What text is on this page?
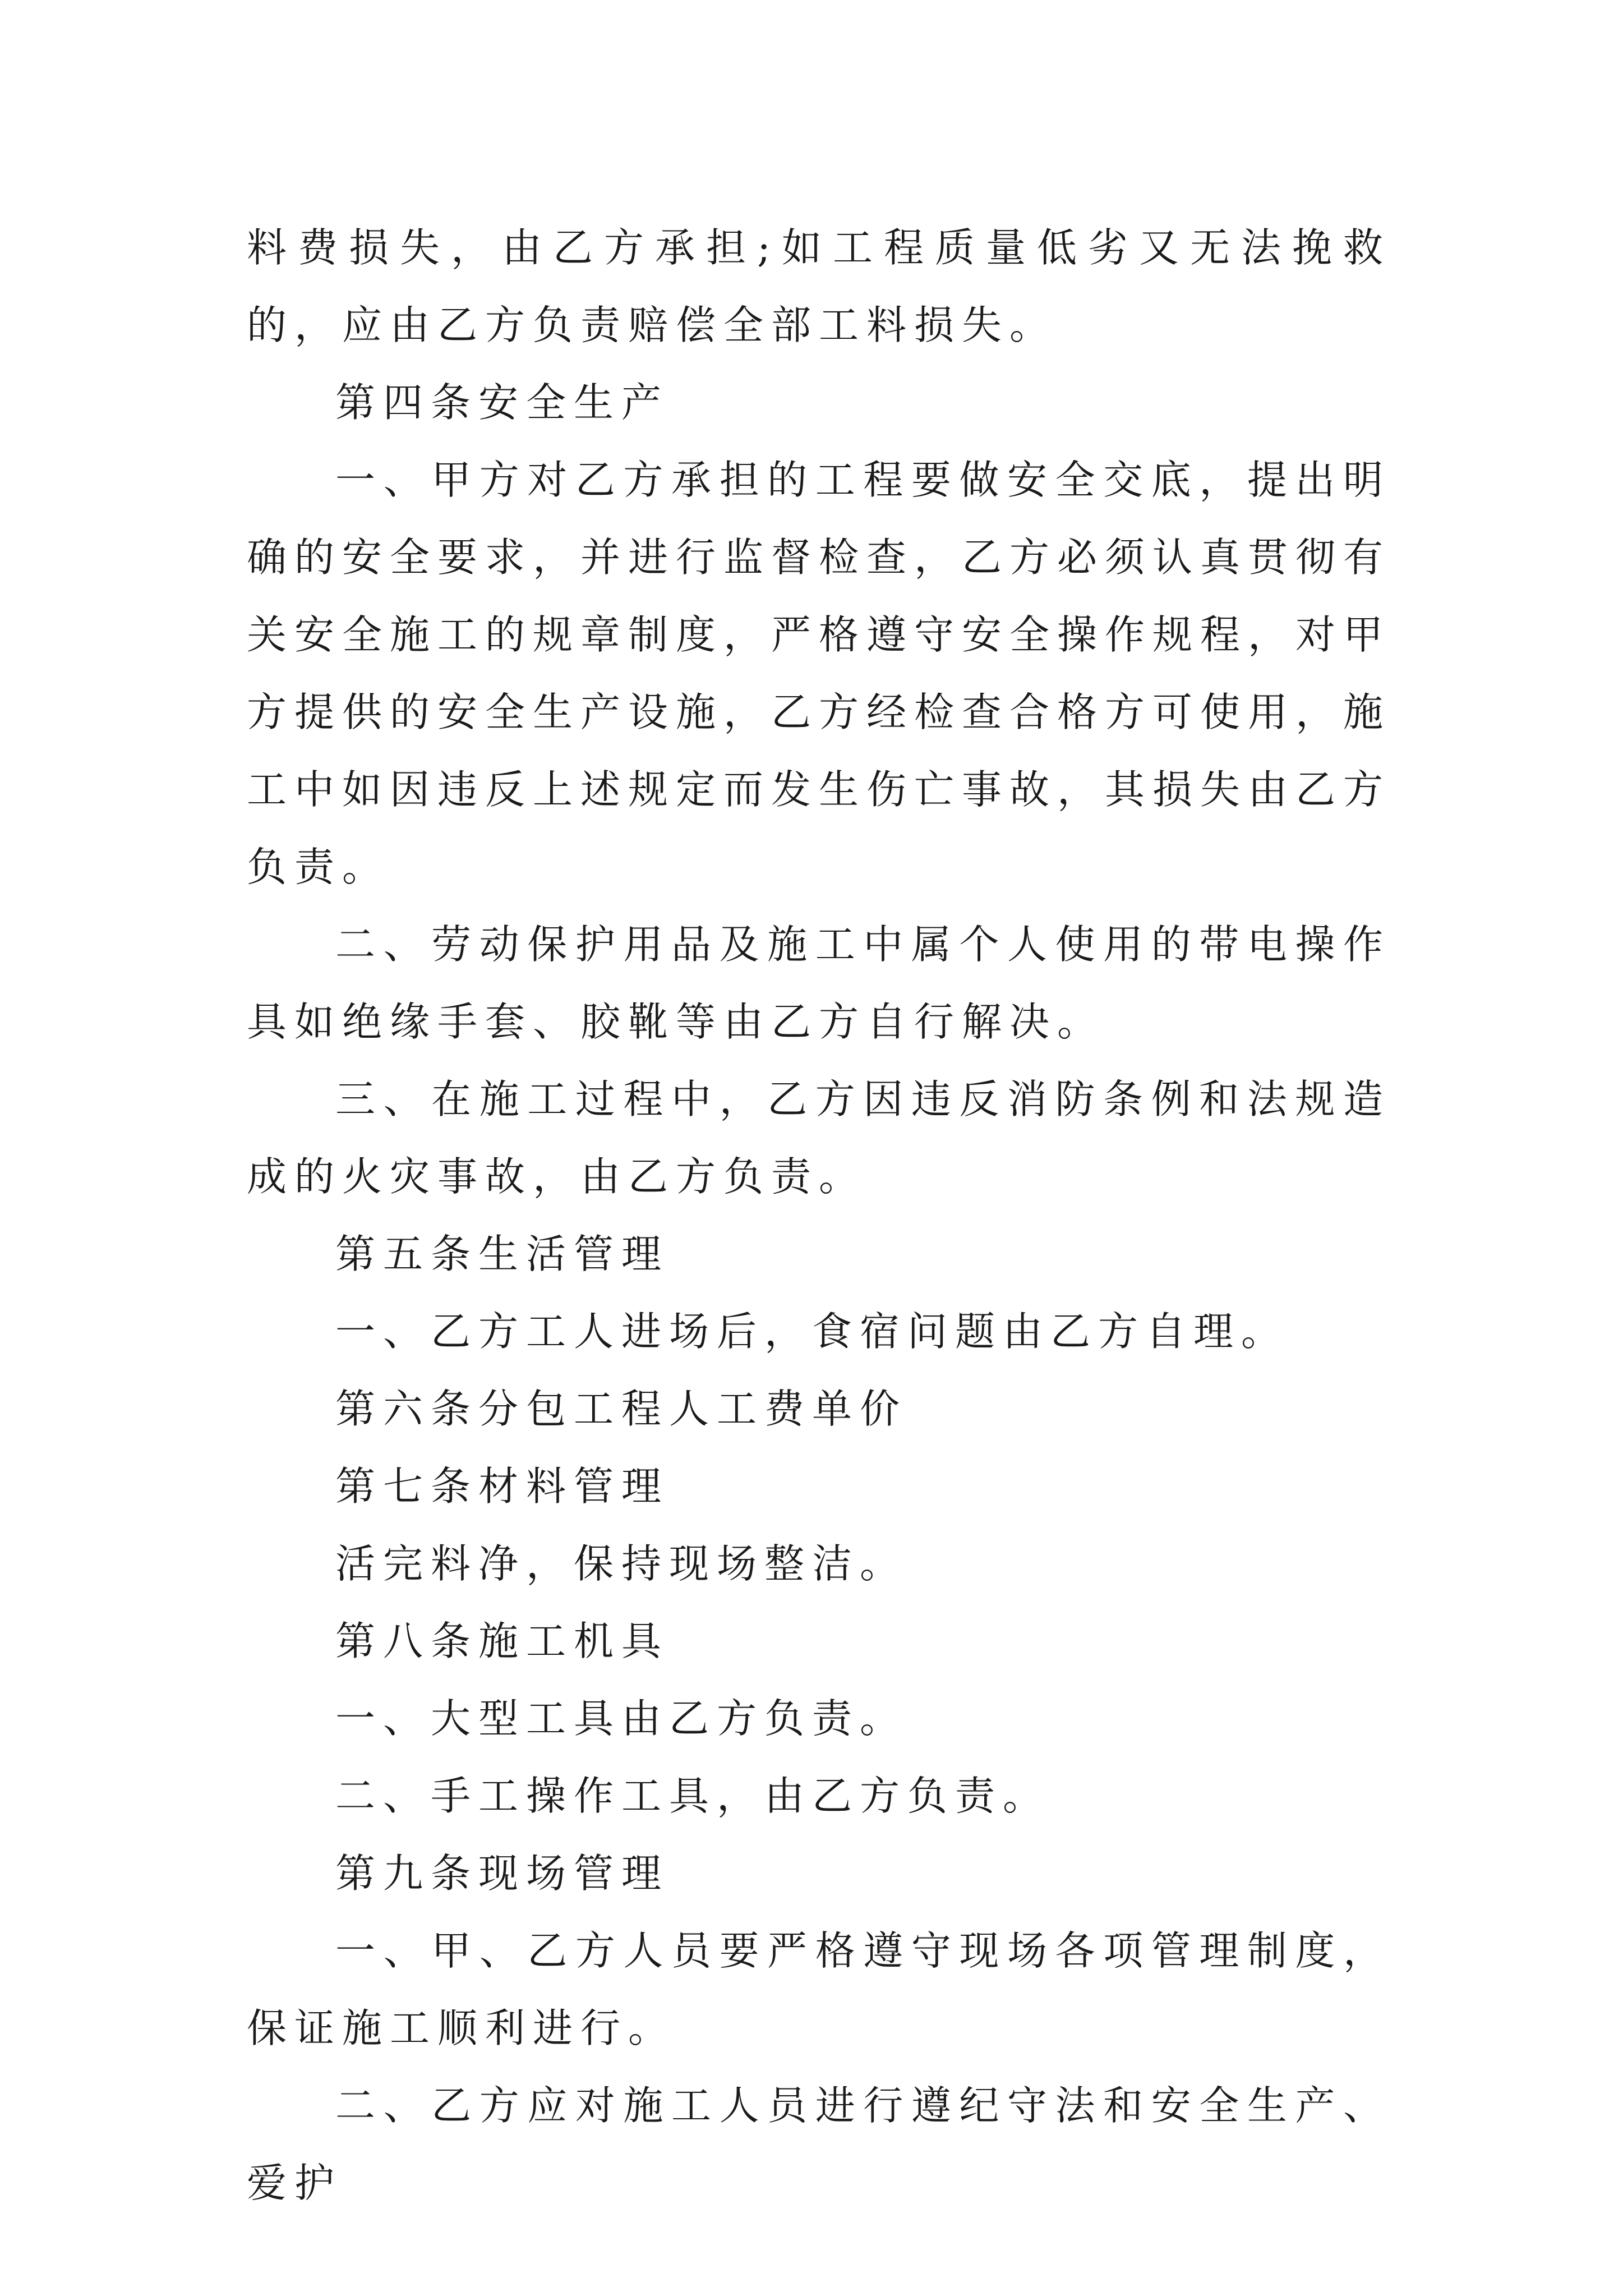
料费损失，由乙方承担;如工程质量低劣又无法挽救的，应由乙方负责赔偿全部工料损失。

第四条安全生产

一、甲方对乙方承担的工程要做安全交底，提出明确的安全要求，并进行监督检查，乙方必须认真贯彻有关安全施工的规章制度，严格遵守安全操作规程，对甲方提供的安全生产设施，乙方经检查合格方可使用，施工中如因违反上述规定而发生伤亡事故，其损失由乙方负责。

二、劳动保护用品及施工中属个人使用的带电操作具如绝缘手套、胶靴等由乙方自行解决。

三、在施工过程中，乙方因违反消防条例和法规造成的火灾事故，由乙方负责。

第五条生活管理

一、乙方工人进场后，食宿问题由乙方自理。

第六条分包工程人工费单价

第七条材料管理

活完料净，保持现场整洁。

第八条施工机具

一、大型工具由乙方负责。

二、手工操作工具，由乙方负责。

第九条现场管理

一、甲、乙方人员要严格遵守现场各项管理制度，保证施工顺利进行。

二、乙方应对施工人员进行遵纪守法和安全生产、爱护
